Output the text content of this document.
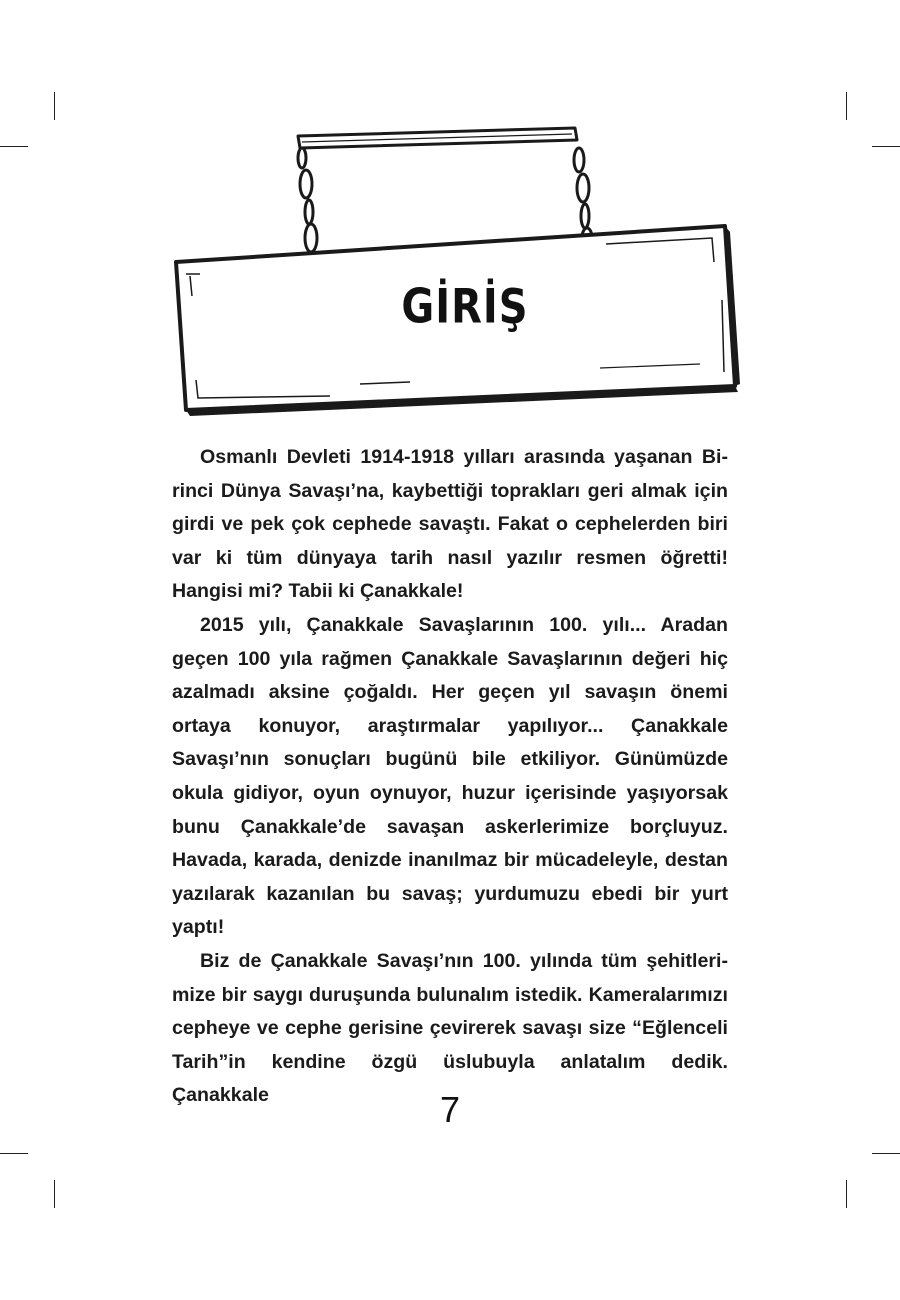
GİRİŞ

Osmanlı Devleti 1914-1918 yılları arasında yaşanan Birinci Dünya Savaşı’na, kaybettiği toprakları geri almak için girdi ve pek çok cephede savaştı. Fakat o cephelerden biri var ki tüm dünyaya tarih nasıl yazılır resmen öğretti! Hangisi mi? Tabii ki Çanakkale!

2015 yılı, Çanakkale Savaşlarının 100. yılı... Aradan geçen 100 yıla rağmen Çanakkale Savaşlarının değeri hiç azalmadı aksine çoğaldı. Her geçen yıl savaşın önemi ortaya konuyor, araştırmalar yapılıyor... Çanakkale Savaşı’nın sonuçları bugünü bile etkiliyor. Günümüzde okula gidiyor, oyun oynuyor, huzur içerisinde yaşıyorsak bunu Çanakkale’de savaşan askerlerimize borçluyuz. Havada, karada, denizde inanılmaz bir mücadeleyle, destan yazılarak kazanılan bu savaş; yurdumuzu ebedi bir yurt yaptı!

Biz de Çanakkale Savaşı’nın 100. yılında tüm şehitlerimize bir saygı duruşunda bulunalım istedik. Kameralarımızı cepheye ve cephe gerisine çevirerek savaşı size “Eğlenceli Tarih”in kendine özgü üslubuyla anlatalım dedik. Çanakkale	7
